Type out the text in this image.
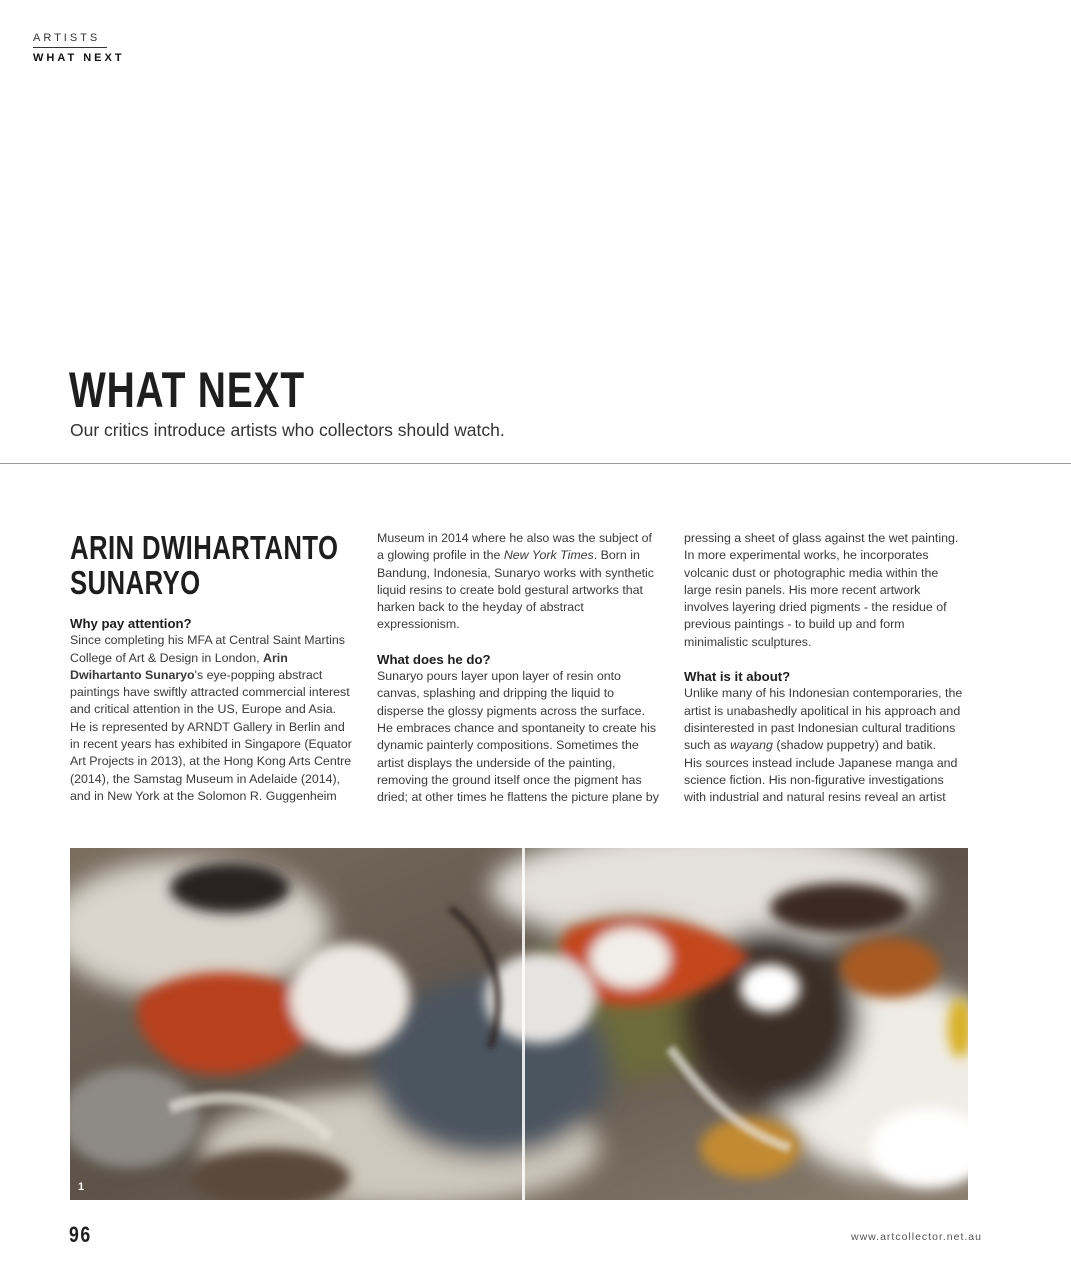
ARTISTS
WHAT NEXT
WHAT NEXT
Our critics introduce artists who collectors should watch.
ARIN DWIHARTANTO
SUNARYO

Why pay attention?

Since completing his MFA at Central Saint Martins College of Art & Design in London, Arin Dwihartanto Sunaryo's eye-popping abstract paintings have swiftly attracted commercial interest and critical attention in the US, Europe and Asia. He is represented by ARNDT Gallery in Berlin and in recent years has exhibited in Singapore (Equator Art Projects in 2013), at the Hong Kong Arts Centre (2014), the Samstag Museum in Adelaide (2014), and in New York at the Solomon R. Guggenheim

Museum in 2014 where he also was the subject of a glowing profile in the New York Times. Born in Bandung, Indonesia, Sunaryo works with synthetic liquid resins to create bold gestural artworks that harken back to the heyday of abstract expressionism.

What does he do?

Sunaryo pours layer upon layer of resin onto canvas, splashing and dripping the liquid to disperse the glossy pigments across the surface. He embraces chance and spontaneity to create his dynamic painterly compositions. Sometimes the artist displays the underside of the painting, removing the ground itself once the pigment has dried; at other times he flattens the picture plane by

pressing a sheet of glass against the wet painting. In more experimental works, he incorporates volcanic dust or photographic media within the large resin panels. His more recent artwork involves layering dried pigments - the residue of previous paintings - to build up and form minimalistic sculptures.

What is it about?

Unlike many of his Indonesian contemporaries, the artist is unabashedly apolitical in his approach and disinterested in past Indonesian cultural traditions such as wayang (shadow puppetry) and batik.

His sources instead include Japanese manga and science fiction. His non-figurative investigations with industrial and natural resins reveal an artist

1
96	www.artcollector.net.au
